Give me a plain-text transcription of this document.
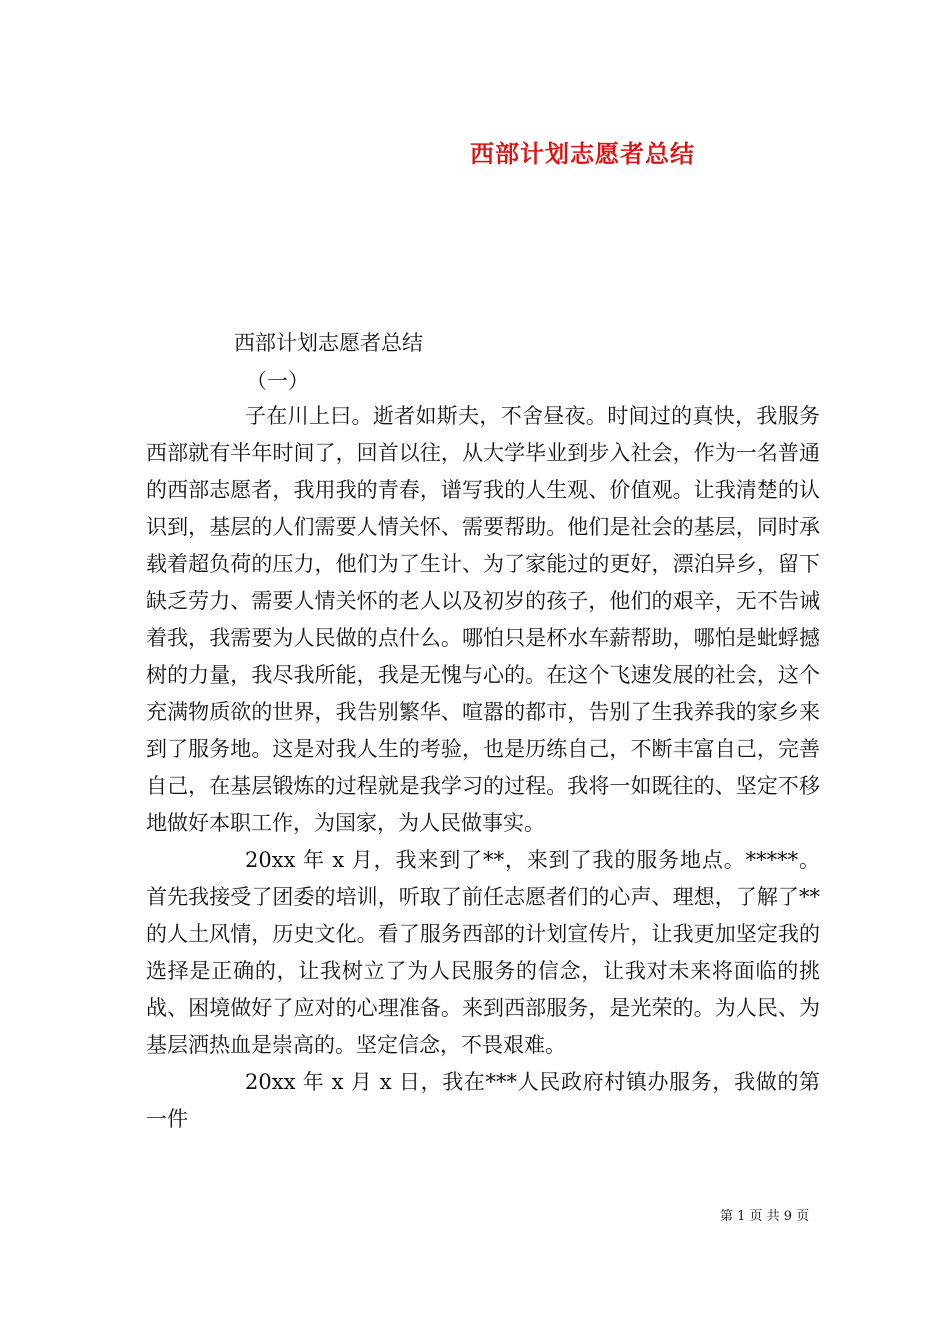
西部计划志愿者总结
西部计划志愿者总结
（一）

子在川上曰。逝者如斯夫，不舍昼夜。时间过的真快，我服务西部就有半年时间了，回首以往，从大学毕业到步入社会，作为一名普通的西部志愿者，我用我的青春，谱写我的人生观、价值观。让我清楚的认识到，基层的人们需要人情关怀、需要帮助。他们是社会的基层，同时承载着超负荷的压力，他们为了生计、为了家能过的更好，漂泊异乡，留下缺乏劳力、需要人情关怀的老人以及初岁的孩子，他们的艰辛，无不告诫着我，我需要为人民做的点什么。哪怕只是杯水车薪帮助，哪怕是蚍蜉撼树的力量，我尽我所能，我是无愧与心的。在这个飞速发展的社会，这个充满物质欲的世界，我告别繁华、喧嚣的都市，告别了生我养我的家乡来到了服务地。这是对我人生的考验，也是历练自己，不断丰富自己，完善自己，在基层锻炼的过程就是我学习的过程。我将一如既往的、坚定不移地做好本职工作，为国家，为人民做事实。

20xx 年 x 月，我来到了**，来到了我的服务地点。*****。首先我接受了团委的培训，听取了前任志愿者们的心声、理想，了解了**的人土风情，历史文化。看了服务西部的计划宣传片，让我更加坚定我的选择是正确的，让我树立了为人民服务的信念，让我对未来将面临的挑战、困境做好了应对的心理准备。来到西部服务，是光荣的。为人民、为基层洒热血是崇高的。坚定信念，不畏艰难。

20xx 年 x 月 x 日，我在***人民政府村镇办服务，我做的第一件

第 1 页 共 9 页
